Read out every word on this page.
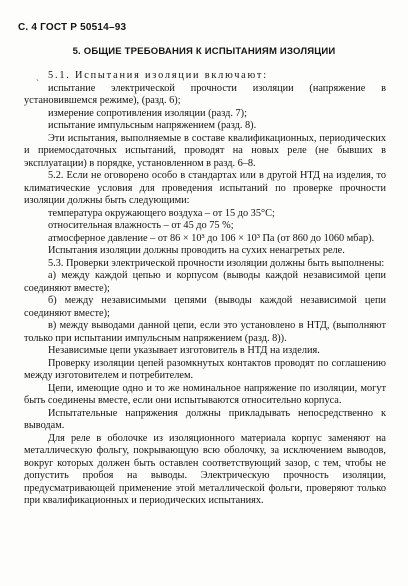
С. 4 ГОСТ Р 50514–93
5. ОБЩИЕ ТРЕБОВАНИЯ К ИСПЫТАНИЯМ ИЗОЛЯЦИИ
`

5.1. Испытания изоляции включают:

испытание электрической прочности изоляции (напряжение в установившемся режиме), (разд. 6);

измерение сопротивления изоляции (разд. 7);

испытание импульсным напряжением (разд. 8).

Эти испытания, выполняемые в составе квалификационных, периодических и приемосдаточных испытаний, проводят на новых реле (не бывших в эксплуатации) в порядке, установленном в разд. 6–8.

5.2. Если не оговорено особо в стандартах или в другой НТД на изделия, то климатические условия для проведения испытаний по проверке прочности изоляции должны быть следующими:

температура окружающего воздуха – от 15 до 35°С;

относительная влажность – от 45 до 75 %;

атмосферное давление – от 86 × 10³ до 106 × 10³ Па (от 860 до 1060 мбар).

Испытания изоляции должны проводить на сухих ненагретых реле.

5.3. Проверки электрической прочности изоляции должны быть выполнены:

а) между каждой цепью и корпусом (выводы каждой независимой цепи соединяют вместе);

б) между независимыми цепями (выводы каждой независимой цепи соединяют вместе);

в) между выводами данной цепи, если это установлено в НТД, (выполняют только при испытании импульсным напряжением (разд. 8)).

Независимые цепи указывает изготовитель в НТД на изделия.

Проверку изоляции цепей разомкнутых контактов проводят по соглашению между изготовителем и потребителем.

Цепи, имеющие одно и то же номинальное напряжение по изоляции, могут быть соединены вместе, если они испытываются относительно корпуса.

Испытательные напряжения должны прикладывать непосредственно к выводам.

Для реле в оболочке из изоляционного материала корпус заменяют на металлическую фольгу, покрывающую всю оболочку, за исключением выводов, вокруг которых должен быть оставлен соответствующий зазор, с тем, чтобы не допустить пробоя на выводы. Электрическую прочность изоляции, предусматривающей применение этой металлической фольги, проверяют только при квалификационных и периодических испытаниях.
